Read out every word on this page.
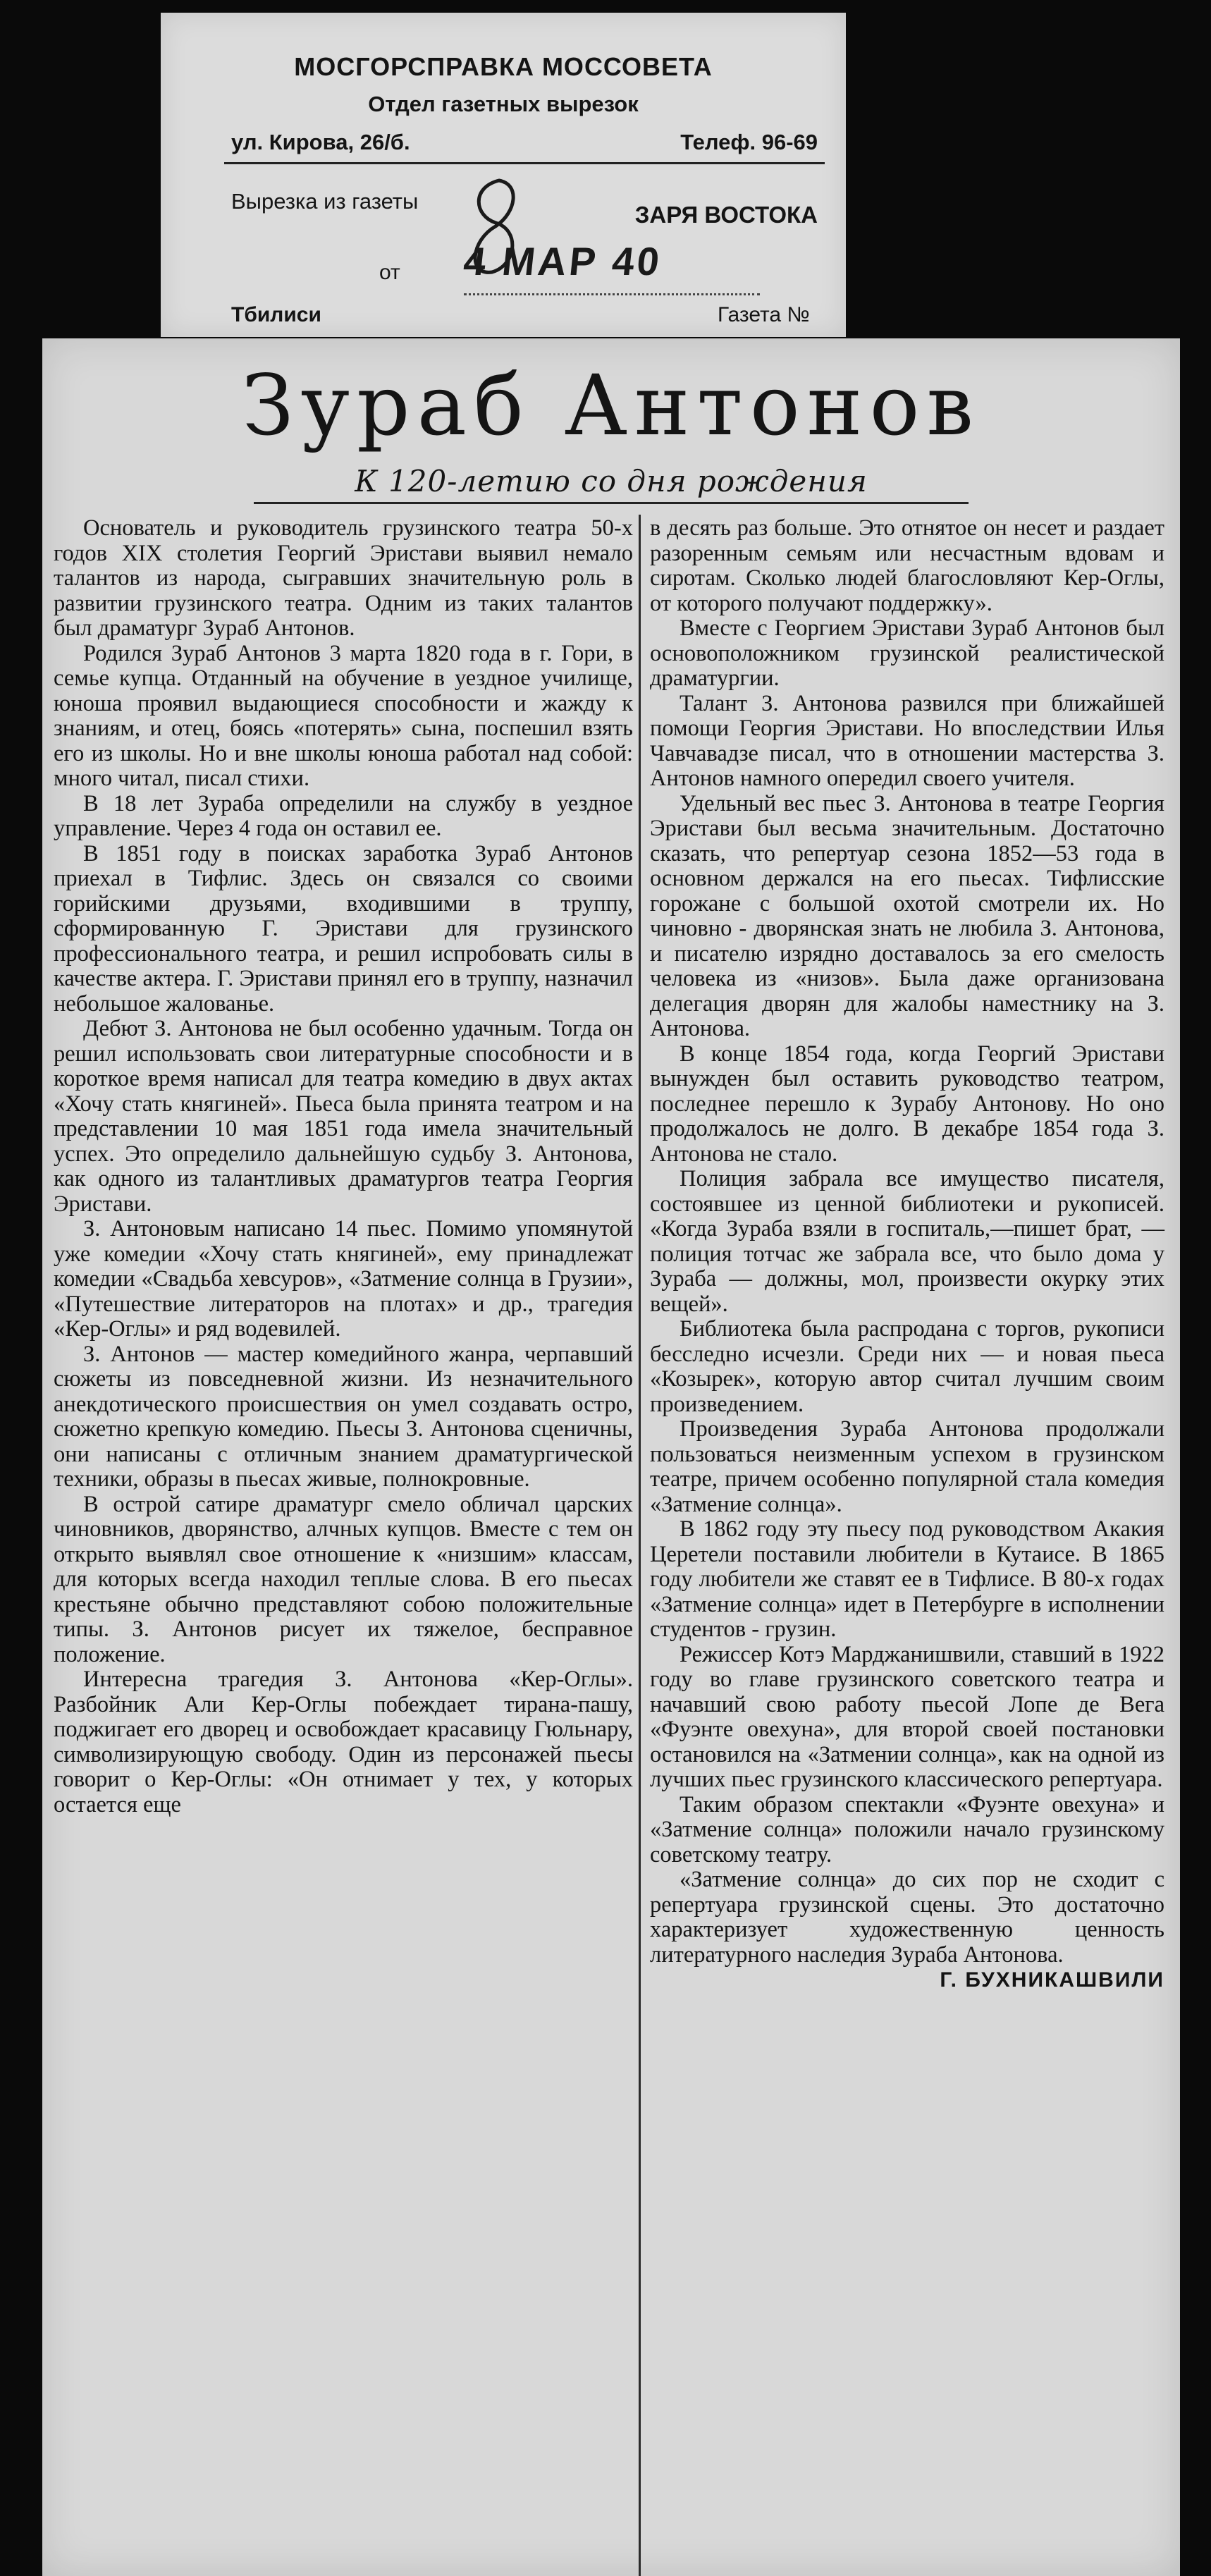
МОСГОРСПРАВКА МОССОВЕТА
Отдел газетных вырезок
ул. Кирова, 26/б.	Телеф. 96-69
Вырезка из газеты
ЗАРЯ ВОСТОКА
от 4 МАР 40
Тбилиси	Газета №
Зураб Антонов
К 120-летию со дня рождения

Основатель и руководитель грузинского театра 50-х годов XIX столетия Георгий Эристави выявил немало талантов из народа, сыгравших значительную роль в развитии грузинского театра. Одним из таких талантов был драматург Зураб Антонов.

Родился Зураб Антонов 3 марта 1820 года в г. Гори, в семье купца. Отданный на обучение в уездное училище, юноша проявил выдающиеся способности и жажду к знаниям, и отец, боясь «потерять» сына, поспешил взять его из школы. Но и вне школы юноша работал над собой: много читал, писал стихи.

В 18 лет Зураба определили на службу в уездное управление. Через 4 года он оставил ее.

В 1851 году в поисках заработка Зураб Антонов приехал в Тифлис. Здесь он связался со своими горийскими друзьями, входившими в труппу, сформированную Г. Эристави для грузинского профессионального театра, и решил испробовать силы в качестве актера. Г. Эристави принял его в труппу, назначил небольшое жалованье.

Дебют З. Антонова не был особенно удачным. Тогда он решил использовать свои литературные способности и в короткое время написал для театра комедию в двух актах «Хочу стать княгиней». Пьеса была принята театром и на представлении 10 мая 1851 года имела значительный успех. Это определило дальнейшую судьбу З. Антонова, как одного из талантливых драматургов театра Георгия Эристави.

З. Антоновым написано 14 пьес. Помимо упомянутой уже комедии «Хочу стать княгиней», ему принадлежат комедии «Свадьба хевсуров», «Затмение солнца в Грузии», «Путешествие литераторов на плотах» и др., трагедия «Кер-Оглы» и ряд водевилей.

З. Антонов — мастер комедийного жанра, черпавший сюжеты из повседневной жизни. Из незначительного анекдотического происшествия он умел создавать остро, сюжетно крепкую комедию. Пьесы З. Антонова сценичны, они написаны с отличным знанием драматургической техники, образы в пьесах живые, полнокровные.

В острой сатире драматург смело обличал царских чиновников, дворянство, алчных купцов. Вместе с тем он открыто выявлял свое отношение к «низшим» классам, для которых всегда находил теплые слова. В его пьесах крестьяне обычно представляют собою положительные типы. З. Антонов рисует их тяжелое, бесправное положение.

Интересна трагедия З. Антонова «Кер-Оглы». Разбойник Али Кер-Оглы побеждает тирана-пашу, поджигает его дворец и освобождает красавицу Гюльнару, символизирующую свободу. Один из персонажей пьесы говорит о Кер-Оглы: «Он отнимает у тех, у которых остается еще

в десять раз больше. Это отнятое он несет и раздает разоренным семьям или несчастным вдовам и сиротам. Сколько людей благословляют Кер-Оглы, от которого получают поддержку».

Вместе с Георгием Эристави Зураб Антонов был основоположником грузинской реалистической драматургии.

Талант З. Антонова развился при ближайшей помощи Георгия Эристави. Но впоследствии Илья Чавчавадзе писал, что в отношении мастерства З. Антонов намного опередил своего учителя.

Удельный вес пьес З. Антонова в театре Георгия Эристави был весьма значительным. Достаточно сказать, что репертуар сезона 1852—53 года в основном держался на его пьесах. Тифлисские горожане с большой охотой смотрели их. Но чиновно - дворянская знать не любила З. Антонова, и писателю изрядно доставалось за его смелость человека из «низов». Была даже организована делегация дворян для жалобы наместнику на З. Антонова.

В конце 1854 года, когда Георгий Эристави вынужден был оставить руководство театром, последнее перешло к Зурабу Антонову. Но оно продолжалось не долго. В декабре 1854 года З. Антонова не стало.

Полиция забрала все имущество писателя, состоявшее из ценной библиотеки и рукописей. «Когда Зураба взяли в госпиталь,—пишет брат, — полиция тотчас же забрала все, что было дома у Зураба — должны, мол, произвести окурку этих вещей».

Библиотека была распродана с торгов, рукописи бесследно исчезли. Среди них — и новая пьеса «Козырек», которую автор считал лучшим своим произведением.

Произведения Зураба Антонова продолжали пользоваться неизменным успехом в грузинском театре, причем особенно популярной стала комедия «Затмение солнца».

В 1862 году эту пьесу под руководством Акакия Церетели поставили любители в Кутаисе. В 1865 году любители же ставят ее в Тифлисе. В 80-х годах «Затмение солнца» идет в Петербурге в исполнении студентов - грузин.

Режиссер Котэ Марджанишвили, ставший в 1922 году во главе грузинского советского театра и начавший свою работу пьесой Лопе де Вега «Фуэнте овехуна», для второй своей постановки остановился на «Затмении солнца», как на одной из лучших пьес грузинского классического репертуара.

Таким образом спектакли «Фуэнте овехуна» и «Затмение солнца» положили начало грузинскому советскому театру.

«Затмение солнца» до сих пор не сходит с репертуара грузинской сцены. Это достаточно характеризует художественную ценность литературного наследия Зураба Антонова.

Г. БУХНИКАШВИЛИ
